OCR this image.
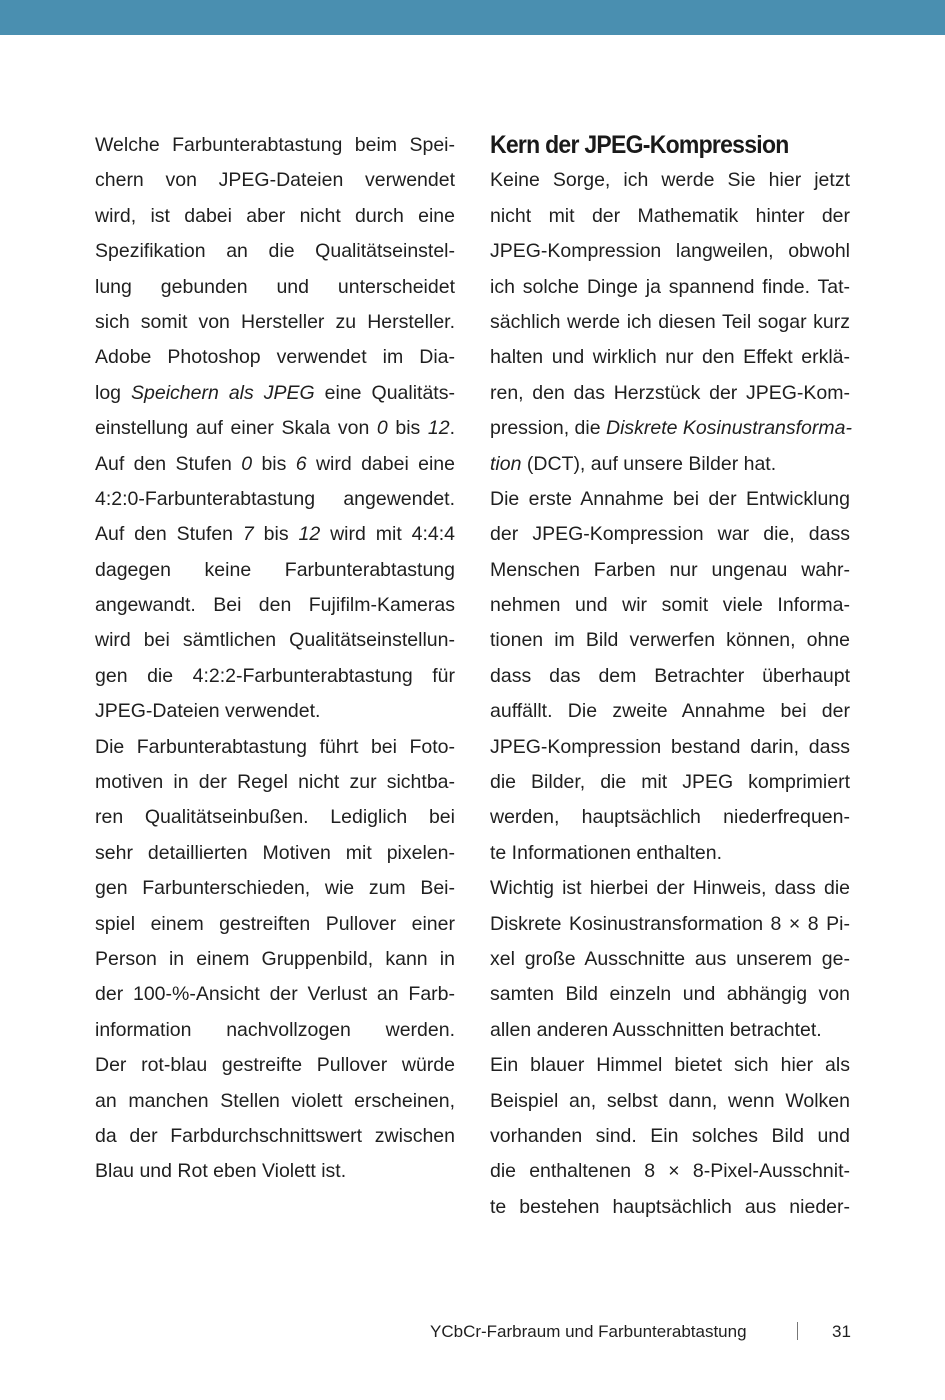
Welche Farbunterabtastung beim Spei-
chern von JPEG-Dateien verwendet
wird, ist dabei aber nicht durch eine
Spezifikation an die Qualitätseinstel-
lung gebunden und unterscheidet
sich somit von Hersteller zu Hersteller.
Adobe Photoshop verwendet im Dia-
log Speichern als JPEG eine Qualitäts-
einstellung auf einer Skala von 0 bis 12.
Auf den Stufen 0 bis 6 wird dabei eine
4:2:0-Farbunterabtastung angewendet.
Auf den Stufen 7 bis 12 wird mit 4:4:4
dagegen keine Farbunterabtastung
angewandt. Bei den Fujifilm-Kameras
wird bei sämtlichen Qualitätseinstellun-
gen die 4:2:2-Farbunterabtastung für
JPEG-Dateien verwendet.
Die Farbunterabtastung führt bei Foto-
motiven in der Regel nicht zur sichtba-
ren Qualitätseinbußen. Lediglich bei
sehr detaillierten Motiven mit pixelen-
gen Farbunterschieden, wie zum Bei-
spiel einem gestreiften Pullover einer
Person in einem Gruppenbild, kann in
der 100-%-Ansicht der Verlust an Farb-
information nachvollzogen werden.
Der rot-blau gestreifte Pullover würde
an manchen Stellen violett erscheinen,
da der Farbdurchschnittswert zwischen
Blau und Rot eben Violett ist.
Kern der JPEG-Kompression
Keine Sorge, ich werde Sie hier jetzt
nicht mit der Mathematik hinter der
JPEG-Kompression langweilen, obwohl
ich solche Dinge ja spannend finde. Tat-
sächlich werde ich diesen Teil sogar kurz
halten und wirklich nur den Effekt erklä-
ren, den das Herzstück der JPEG-Kom-
pression, die Diskrete Kosinustransforma-
tion (DCT), auf unsere Bilder hat.
Die erste Annahme bei der Entwicklung
der JPEG-Kompression war die, dass
Menschen Farben nur ungenau wahr-
nehmen und wir somit viele Informa-
tionen im Bild verwerfen können, ohne
dass das dem Betrachter überhaupt
auffällt. Die zweite Annahme bei der
JPEG-Kompression bestand darin, dass
die Bilder, die mit JPEG komprimiert
werden, hauptsächlich niederfrequen-
te Informationen enthalten.
Wichtig ist hierbei der Hinweis, dass die
Diskrete Kosinustransformation 8 × 8 Pi-
xel große Ausschnitte aus unserem ge-
samten Bild einzeln und abhängig von
allen anderen Ausschnitten betrachtet.
Ein blauer Himmel bietet sich hier als
Beispiel an, selbst dann, wenn Wolken
vorhanden sind. Ein solches Bild und
die enthaltenen 8 × 8-Pixel-Ausschnit-
te bestehen hauptsächlich aus nieder-
YCbCr-Farbraum und Farbunterabtastung	31
